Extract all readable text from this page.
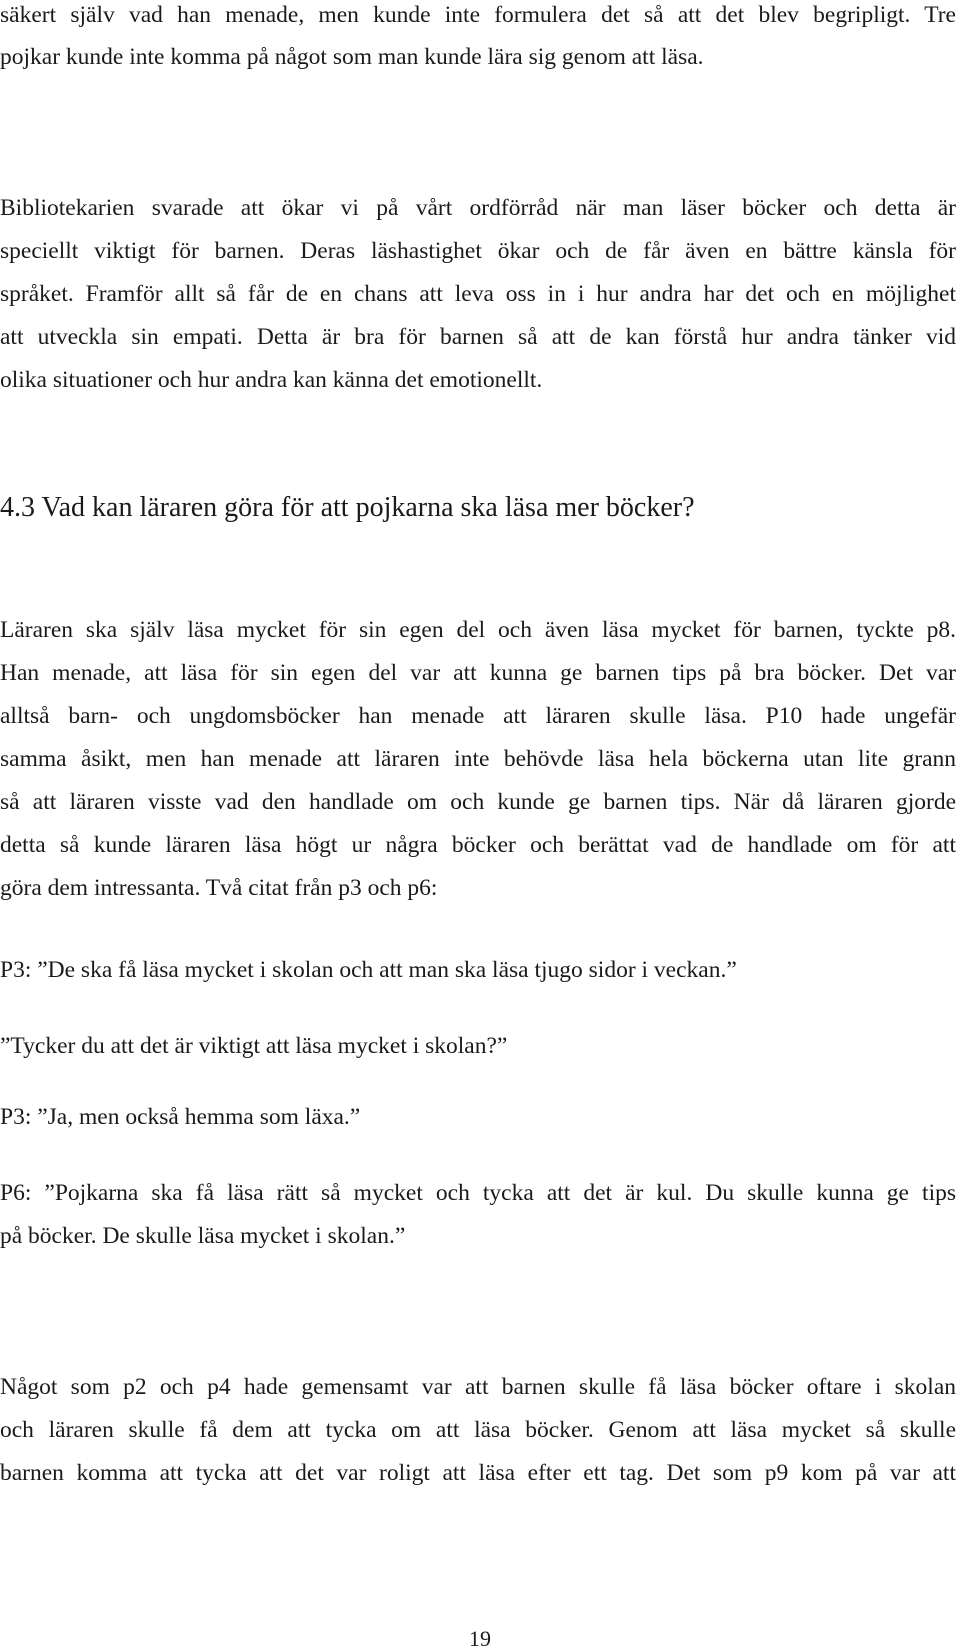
säkert själv vad han menade, men kunde inte formulera det så att det blev begripligt. Tre
pojkar kunde inte komma på något som man kunde lära sig genom att läsa.
Bibliotekarien svarade att ökar vi på vårt ordförråd när man läser böcker och detta är
speciellt viktigt för barnen. Deras läshastighet ökar och de får även en bättre känsla för
språket. Framför allt så får de en chans att leva oss in i hur andra har det och en möjlighet
att utveckla sin empati. Detta är bra för barnen så att de kan förstå hur andra tänker vid
olika situationer och hur andra kan känna det emotionellt.
4.3 Vad kan läraren göra för att pojkarna ska läsa mer böcker?
Läraren ska själv läsa mycket för sin egen del och även läsa mycket för barnen, tyckte p8.
Han menade, att läsa för sin egen del var att kunna ge barnen tips på bra böcker. Det var
alltså barn- och ungdomsböcker han menade att läraren skulle läsa. P10 hade ungefär
samma åsikt, men han menade att läraren inte behövde läsa hela böckerna utan lite grann
så att läraren visste vad den handlade om och kunde ge barnen tips. När då läraren gjorde
detta så kunde läraren läsa högt ur några böcker och berättat vad de handlade om för att
göra dem intressanta. Två citat från p3 och p6:
P3: ”De ska få läsa mycket i skolan och att man ska läsa tjugo sidor i veckan.”
”Tycker du att det är viktigt att läsa mycket i skolan?”
P3: ”Ja, men också hemma som läxa.”
P6: ”Pojkarna ska få läsa rätt så mycket och tycka att det är kul. Du skulle kunna ge tips
på böcker. De skulle läsa mycket i skolan.”
Något som p2 och p4 hade gemensamt var att barnen skulle få läsa böcker oftare i skolan
och läraren skulle få dem att tycka om att läsa böcker. Genom att läsa mycket så skulle
barnen komma att tycka att det var roligt att läsa efter ett tag. Det som p9 kom på var att
19
